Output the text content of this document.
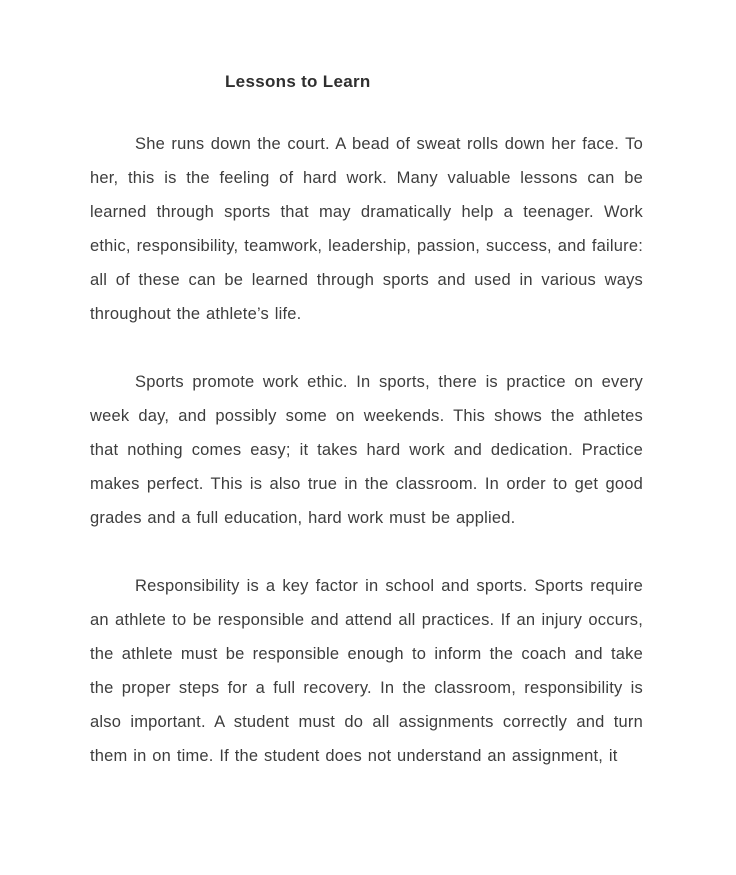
Lessons to Learn

She runs down the court. A bead of sweat rolls down her face. To her, this is the feeling of hard work. Many valuable lessons can be learned through sports that may dramatically help a teenager. Work ethic, responsibility, teamwork, leadership, passion, success, and failure: all of these can be learned through sports and used in various ways throughout the athlete’s life.

Sports promote work ethic. In sports, there is practice on every week day, and possibly some on weekends. This shows the athletes that nothing comes easy; it takes hard work and dedication. Practice makes perfect. This is also true in the classroom. In order to get good grades and a full education, hard work must be applied.

Responsibility is a key factor in school and sports. Sports require an athlete to be responsible and attend all practices. If an injury occurs, the athlete must be responsible enough to inform the coach and take the proper steps for a full recovery. In the classroom, responsibility is also important. A student must do all assignments correctly and turn them in on time. If the student does not understand an assignment, it
